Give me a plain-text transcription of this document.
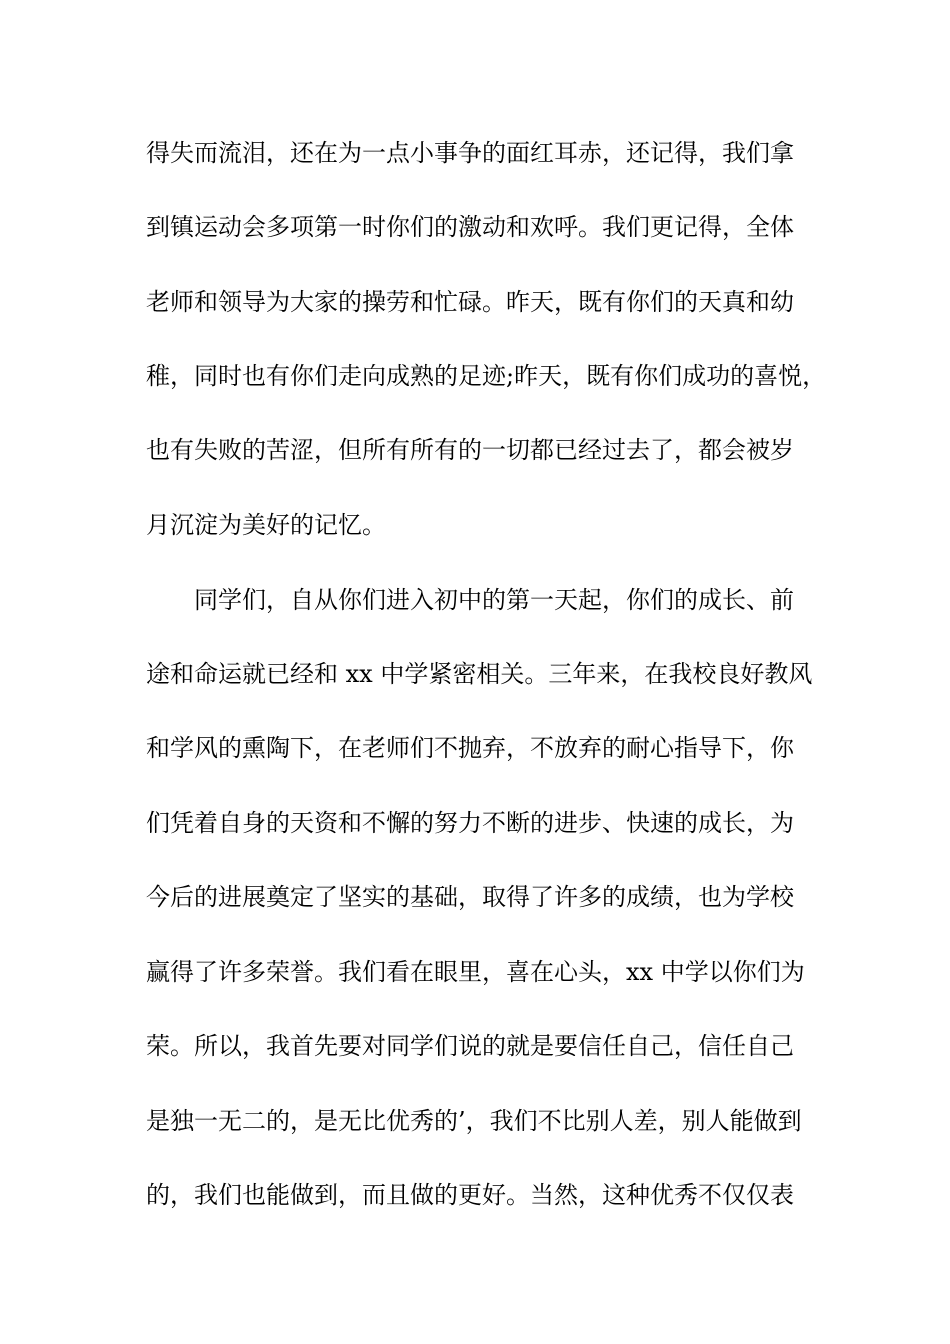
得失而流泪，还在为一点小事争的面红耳赤，还记得，我们拿
到镇运动会多项第一时你们的激动和欢呼。我们更记得，全体
老师和领导为大家的操劳和忙碌。昨天，既有你们的天真和幼
稚，同时也有你们走向成熟的足迹;昨天，既有你们成功的喜悦，
也有失败的苦涩，但所有所有的一切都已经过去了，都会被岁
月沉淀为美好的记忆。
同学们，自从你们进入初中的第一天起，你们的成长、前
途和命运就已经和 xx 中学紧密相关。三年来，在我校良好教风
和学风的熏陶下，在老师们不抛弃，不放弃的耐心指导下，你
们凭着自身的天资和不懈的努力不断的进步、快速的成长，为
今后的进展奠定了坚实的基础，取得了许多的成绩，也为学校
赢得了许多荣誉。我们看在眼里，喜在心头，xx 中学以你们为
荣。所以，我首先要对同学们说的就是要信任自己，信任自己
是独一无二的，是无比优秀的’，我们不比别人差，别人能做到
的，我们也能做到，而且做的更好。当然，这种优秀不仅仅表
